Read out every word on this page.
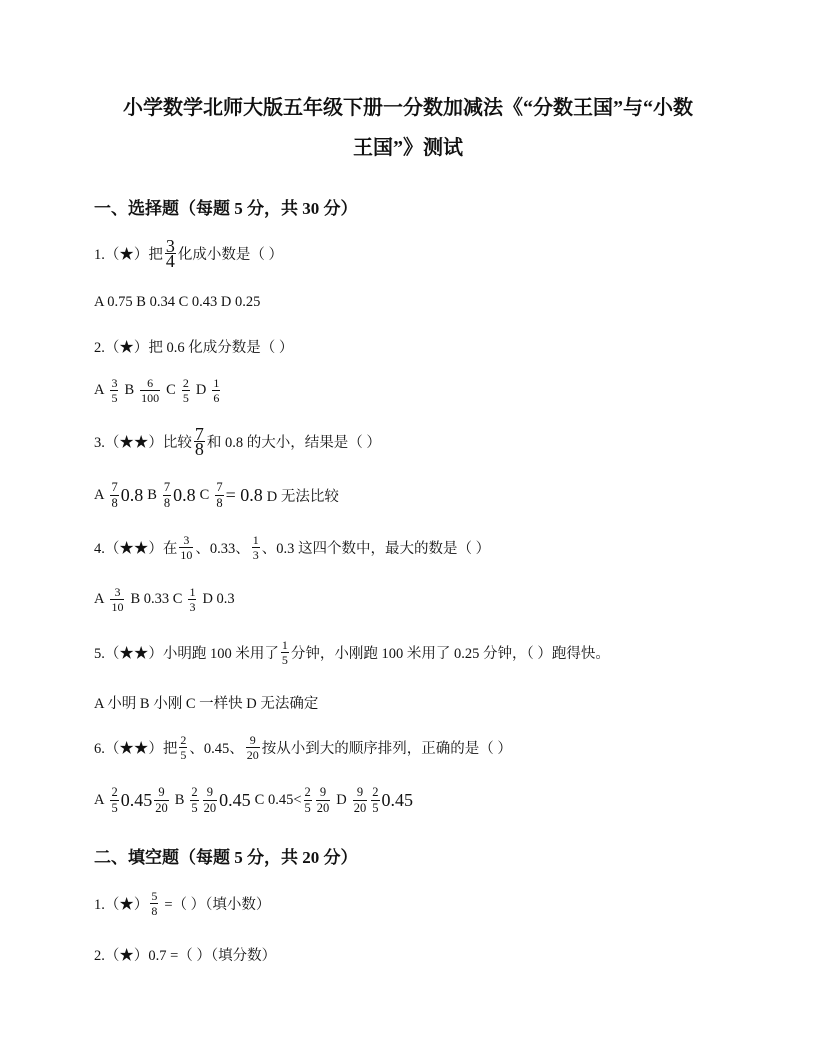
小学数学北师大版五年级下册一分数加减法《“分数王国”与“小数
王国”》测试
一、选择题（每题 5 分，共 30 分）
1.（★）把 $\frac{3}{4}$ 化成小数是（ ）
A 0.75 B 0.34 C 0.43 D 0.25
2.（★）把 0.6 化成分数是（ ）
A $\frac{3}{5}$ B $\frac{6}{100}$ C $\frac{2}{5}$ D $\frac{1}{6}$
3.（★★）比较 $\frac{7}{8}$ 和 0.8 的大小，结果是（ ）
A $\frac{7}{8} 0.8$ B $\frac{7}{8} 0.8$ C $\frac{7}{8} = 0.8$ D 无法比较
4.（★★）在 $\frac{3}{10}$ 、0.33、 $\frac{1}{3}$ 、0.3 这四个数中，最大的数是（ ）
A $\frac{3}{10}$ B 0.33 C $\frac{1}{3}$ D 0.3
5.（★★）小明跑 100 米用了 $\frac{1}{5}$ 分钟，小刚跑 100 米用了 0.25 分钟，（ ）跑得快。
A 小明 B 小刚 C 一样快 D 无法确定
6.（★★）把 $\frac{2}{5}$ 、0.45、 $\frac{9}{20}$ 按从小到大的顺序排列，正确的是（ ）
A $\frac{2}{5} 0.45 \frac{9}{20}$ B $\frac{2}{5} \frac{9}{20} 0.45$ C $0.45< \frac{2}{5} \frac{9}{20}$ D $\frac{9}{20} \frac{2}{5} 0.45$
二、填空题（每题 5 分，共 20 分）
1.（★） $\frac{5}{8}$ =（ ）（填小数）
2.（★）0.7 =（ ）（填分数）
